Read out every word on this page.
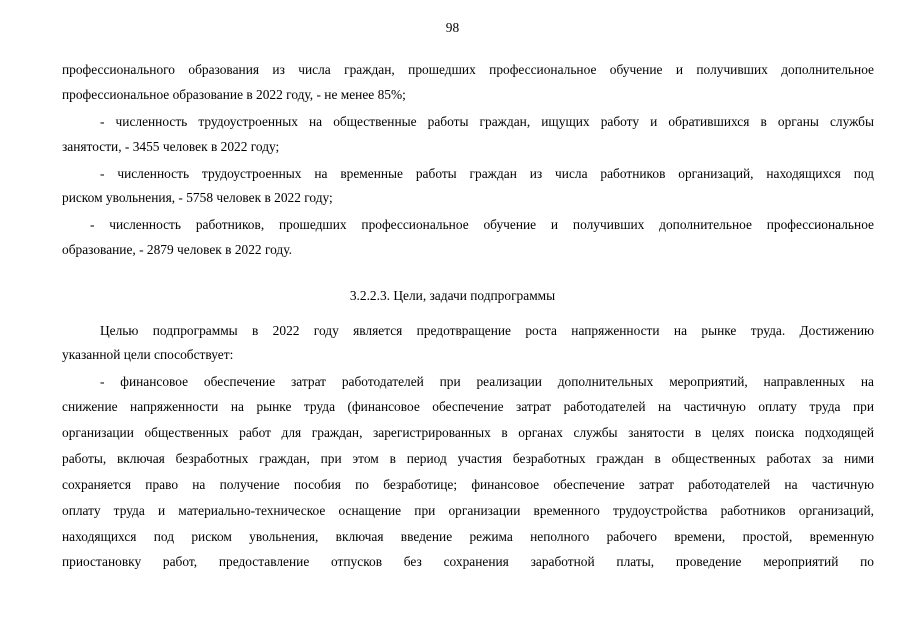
98
профессионального образования из числа граждан, прошедших профессиональное обучение и получивших дополнительное
профессиональное образование в 2022 году, - не менее 85%;
- численность трудоустроенных на общественные работы граждан, ищущих работу и обратившихся в органы службы
занятости, - 3455 человек в 2022 году;
- численность трудоустроенных на временные работы граждан из числа работников организаций, находящихся под
риском увольнения, - 5758 человек в 2022 году;
- численность работников, прошедших профессиональное обучение и получивших дополнительное профессиональное
образование, - 2879 человек в 2022 году.
3.2.2.3. Цели, задачи подпрограммы
Целью подпрограммы в 2022 году является предотвращение роста напряженности на рынке труда. Достижению
указанной цели способствует:
- финансовое обеспечение затрат работодателей при реализации дополнительных мероприятий, направленных на
снижение напряженности на рынке труда (финансовое обеспечение затрат работодателей на частичную оплату труда при
организации общественных работ для граждан, зарегистрированных в органах службы занятости в целях поиска подходящей
работы, включая безработных граждан, при этом в период участия безработных граждан в общественных работах за ними
сохраняется право на получение пособия по безработице; финансовое обеспечение затрат работодателей на частичную
оплату труда и материально-техническое оснащение при организации временного трудоустройства работников организаций,
находящихся под риском увольнения, включая введение режима неполного рабочего времени, простой, временную
приостановку работ, предоставление отпусков без сохранения заработной платы, проведение мероприятий по
